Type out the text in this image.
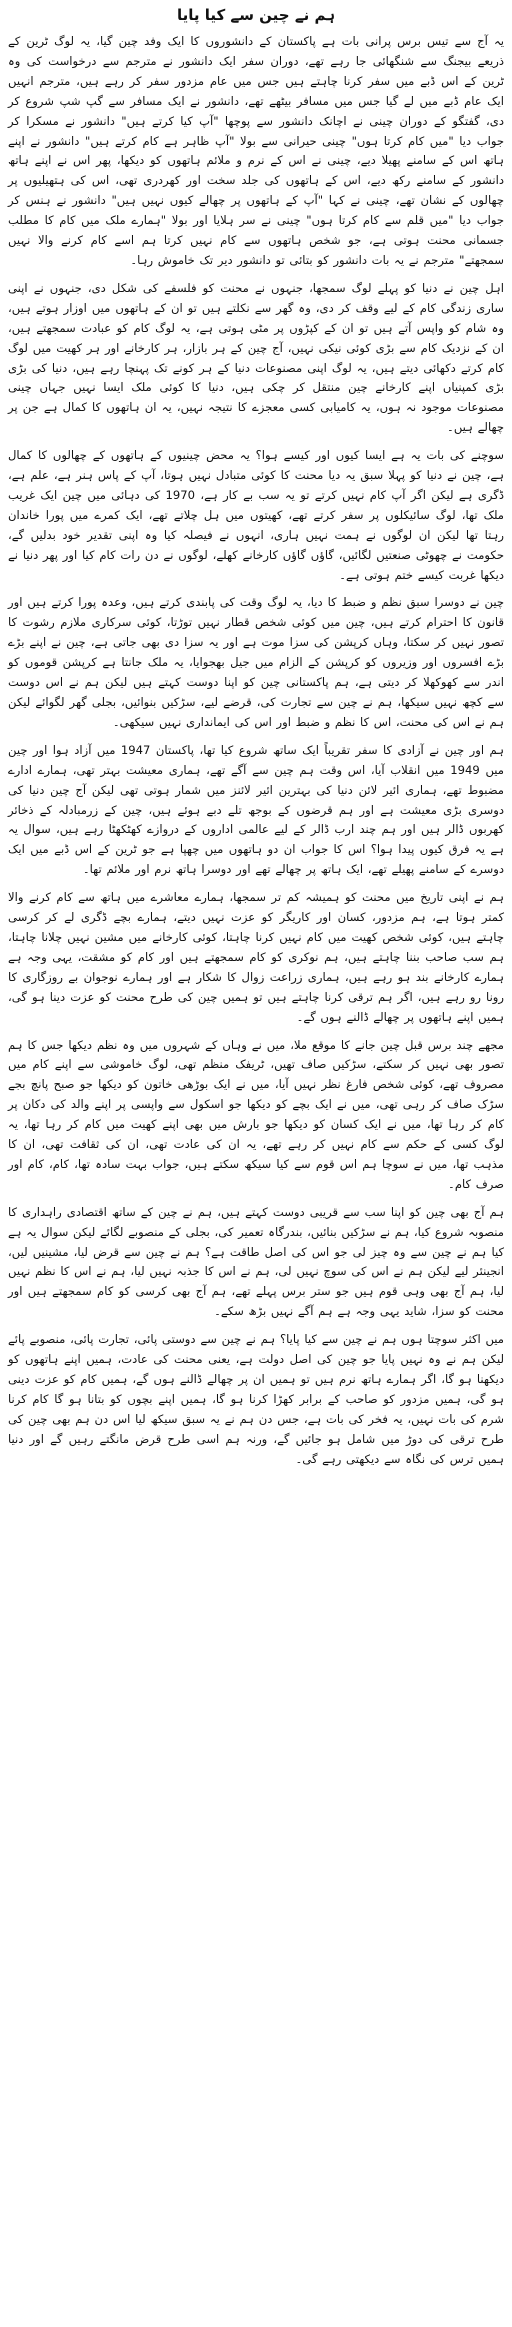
ہم نے چین سے کیا پایا

یہ آج سے تیس برس پرانی بات ہے پاکستان کے دانشوروں کا ایک وفد چین گیا، یہ لوگ ٹرین کے ذریعے بیجنگ سے شنگھائی جا رہے تھے، دوران سفر ایک دانشور نے مترجم سے درخواست کی وہ ٹرین کے اس ڈبے میں سفر کرنا چاہتے ہیں جس میں عام مزدور سفر کر رہے ہیں، مترجم انہیں ایک عام ڈبے میں لے گیا جس میں مسافر بیٹھے تھے، دانشور نے ایک مسافر سے گپ شپ شروع کر دی، گفتگو کے دوران چینی نے اچانک دانشور سے پوچھا "آپ کیا کرتے ہیں" دانشور نے مسکرا کر جواب دیا "میں کام کرتا ہوں" چینی حیرانی سے بولا "آپ ظاہر ہے کام کرتے ہیں" دانشور نے اپنے ہاتھ اس کے سامنے پھیلا دیے، چینی نے اس کے نرم و ملائم ہاتھوں کو دیکھا، پھر اس نے اپنے ہاتھ دانشور کے سامنے رکھ دیے، اس کے ہاتھوں کی جلد سخت اور کھردری تھی، اس کی ہتھیلیوں پر چھالوں کے نشان تھے، چینی نے کہا "آپ کے ہاتھوں پر چھالے کیوں نہیں ہیں" دانشور نے ہنس کر جواب دیا "میں قلم سے کام کرتا ہوں" چینی نے سر ہلایا اور بولا "ہمارے ملک میں کام کا مطلب جسمانی محنت ہوتی ہے، جو شخص ہاتھوں سے کام نہیں کرتا ہم اسے کام کرنے والا نہیں سمجھتے" مترجم نے یہ بات دانشور کو بتائی تو دانشور دیر تک خاموش رہا۔

اہل چین نے دنیا کو پہلے لوگ سمجھا، جنہوں نے محنت کو فلسفے کی شکل دی، جنہوں نے اپنی ساری زندگی کام کے لیے وقف کر دی، وہ گھر سے نکلتے ہیں تو ان کے ہاتھوں میں اوزار ہوتے ہیں، وہ شام کو واپس آتے ہیں تو ان کے کپڑوں پر مٹی ہوتی ہے، یہ لوگ کام کو عبادت سمجھتے ہیں، ان کے نزدیک کام سے بڑی کوئی نیکی نہیں، آج چین کے ہر بازار، ہر کارخانے اور ہر کھیت میں لوگ کام کرتے دکھائی دیتے ہیں، یہ لوگ اپنی مصنوعات دنیا کے ہر کونے تک پہنچا رہے ہیں، دنیا کی بڑی بڑی کمپنیاں اپنے کارخانے چین منتقل کر چکی ہیں، دنیا کا کوئی ملک ایسا نہیں جہاں چینی مصنوعات موجود نہ ہوں، یہ کامیابی کسی معجزے کا نتیجہ نہیں، یہ ان ہاتھوں کا کمال ہے جن پر چھالے ہیں۔

سوچنے کی بات یہ ہے ایسا کیوں اور کیسے ہوا؟ یہ محض چینیوں کے ہاتھوں کے چھالوں کا کمال ہے، چین نے دنیا کو پہلا سبق یہ دیا محنت کا کوئی متبادل نہیں ہوتا، آپ کے پاس ہنر ہے، علم ہے، ڈگری ہے لیکن اگر آپ کام نہیں کرتے تو یہ سب بے کار ہے، 1970 کی دہائی میں چین ایک غریب ملک تھا، لوگ سائیکلوں پر سفر کرتے تھے، کھیتوں میں ہل چلاتے تھے، ایک کمرے میں پورا خاندان رہتا تھا لیکن ان لوگوں نے ہمت نہیں ہاری، انہوں نے فیصلہ کیا وہ اپنی تقدیر خود بدلیں گے، حکومت نے چھوٹی صنعتیں لگائیں، گاؤں گاؤں کارخانے کھلے، لوگوں نے دن رات کام کیا اور پھر دنیا نے دیکھا غربت کیسے ختم ہوتی ہے۔

چین نے دوسرا سبق نظم و ضبط کا دیا، یہ لوگ وقت کی پابندی کرتے ہیں، وعدہ پورا کرتے ہیں اور قانون کا احترام کرتے ہیں، چین میں کوئی شخص قطار نہیں توڑتا، کوئی سرکاری ملازم رشوت کا تصور نہیں کر سکتا، وہاں کرپشن کی سزا موت ہے اور یہ سزا دی بھی جاتی ہے، چین نے اپنے بڑے بڑے افسروں اور وزیروں کو کرپشن کے الزام میں جیل بھجوایا، یہ ملک جانتا ہے کرپشن قوموں کو اندر سے کھوکھلا کر دیتی ہے، ہم پاکستانی چین کو اپنا دوست کہتے ہیں لیکن ہم نے اس دوست سے کچھ نہیں سیکھا، ہم نے چین سے تجارت کی، قرضے لیے، سڑکیں بنوائیں، بجلی گھر لگوائے لیکن ہم نے اس کی محنت، اس کا نظم و ضبط اور اس کی ایمانداری نہیں سیکھی۔

ہم اور چین نے آزادی کا سفر تقریباً ایک ساتھ شروع کیا تھا، پاکستان 1947 میں آزاد ہوا اور چین میں 1949 میں انقلاب آیا، اس وقت ہم چین سے آگے تھے، ہماری معیشت بہتر تھی، ہمارے ادارے مضبوط تھے، ہماری ائیر لائن دنیا کی بہترین ائیر لائنز میں شمار ہوتی تھی لیکن آج چین دنیا کی دوسری بڑی معیشت ہے اور ہم قرضوں کے بوجھ تلے دبے ہوئے ہیں، چین کے زرمبادلہ کے ذخائر کھربوں ڈالر ہیں اور ہم چند ارب ڈالر کے لیے عالمی اداروں کے دروازے کھٹکھٹا رہے ہیں، سوال یہ ہے یہ فرق کیوں پیدا ہوا؟ اس کا جواب ان دو ہاتھوں میں چھپا ہے جو ٹرین کے اس ڈبے میں ایک دوسرے کے سامنے پھیلے تھے، ایک ہاتھ پر چھالے تھے اور دوسرا ہاتھ نرم اور ملائم تھا۔

ہم نے اپنی تاریخ میں محنت کو ہمیشہ کم تر سمجھا، ہمارے معاشرے میں ہاتھ سے کام کرنے والا کمتر ہوتا ہے، ہم مزدور، کسان اور کاریگر کو عزت نہیں دیتے، ہمارے بچے ڈگری لے کر کرسی چاہتے ہیں، کوئی شخص کھیت میں کام نہیں کرنا چاہتا، کوئی کارخانے میں مشین نہیں چلانا چاہتا، ہم سب صاحب بننا چاہتے ہیں، ہم نوکری کو کام سمجھتے ہیں اور کام کو مشقت، یہی وجہ ہے ہمارے کارخانے بند ہو رہے ہیں، ہماری زراعت زوال کا شکار ہے اور ہمارے نوجوان بے روزگاری کا رونا رو رہے ہیں، اگر ہم ترقی کرنا چاہتے ہیں تو ہمیں چین کی طرح محنت کو عزت دینا ہو گی، ہمیں اپنے ہاتھوں پر چھالے ڈالنے ہوں گے۔

مجھے چند برس قبل چین جانے کا موقع ملا، میں نے وہاں کے شہروں میں وہ نظم دیکھا جس کا ہم تصور بھی نہیں کر سکتے، سڑکیں صاف تھیں، ٹریفک منظم تھی، لوگ خاموشی سے اپنے کام میں مصروف تھے، کوئی شخص فارغ نظر نہیں آیا، میں نے ایک بوڑھی خاتون کو دیکھا جو صبح پانچ بجے سڑک صاف کر رہی تھی، میں نے ایک بچے کو دیکھا جو اسکول سے واپسی پر اپنے والد کی دکان پر کام کر رہا تھا، میں نے ایک کسان کو دیکھا جو بارش میں بھی اپنے کھیت میں کام کر رہا تھا، یہ لوگ کسی کے حکم سے کام نہیں کر رہے تھے، یہ ان کی عادت تھی، ان کی ثقافت تھی، ان کا مذہب تھا، میں نے سوچا ہم اس قوم سے کیا سیکھ سکتے ہیں، جواب بہت سادہ تھا، کام، کام اور صرف کام۔

ہم آج بھی چین کو اپنا سب سے قریبی دوست کہتے ہیں، ہم نے چین کے ساتھ اقتصادی راہداری کا منصوبہ شروع کیا، ہم نے سڑکیں بنائیں، بندرگاہ تعمیر کی، بجلی کے منصوبے لگائے لیکن سوال یہ ہے کیا ہم نے چین سے وہ چیز لی جو اس کی اصل طاقت ہے؟ ہم نے چین سے قرض لیا، مشینیں لیں، انجینئر لیے لیکن ہم نے اس کی سوچ نہیں لی، ہم نے اس کا جذبہ نہیں لیا، ہم نے اس کا نظم نہیں لیا، ہم آج بھی وہی قوم ہیں جو ستر برس پہلے تھے، ہم آج بھی کرسی کو کام سمجھتے ہیں اور محنت کو سزا، شاید یہی وجہ ہے ہم آگے نہیں بڑھ سکے۔

میں اکثر سوچتا ہوں ہم نے چین سے کیا پایا؟ ہم نے چین سے دوستی پائی، تجارت پائی، منصوبے پائے لیکن ہم نے وہ نہیں پایا جو چین کی اصل دولت ہے، یعنی محنت کی عادت، ہمیں اپنے ہاتھوں کو دیکھنا ہو گا، اگر ہمارے ہاتھ نرم ہیں تو ہمیں ان پر چھالے ڈالنے ہوں گے، ہمیں کام کو عزت دینی ہو گی، ہمیں مزدور کو صاحب کے برابر کھڑا کرنا ہو گا، ہمیں اپنے بچوں کو بتانا ہو گا کام کرنا شرم کی بات نہیں، یہ فخر کی بات ہے، جس دن ہم نے یہ سبق سیکھ لیا اس دن ہم بھی چین کی طرح ترقی کی دوڑ میں شامل ہو جائیں گے، ورنہ ہم اسی طرح قرض مانگتے رہیں گے اور دنیا ہمیں ترس کی نگاہ سے دیکھتی رہے گی۔
